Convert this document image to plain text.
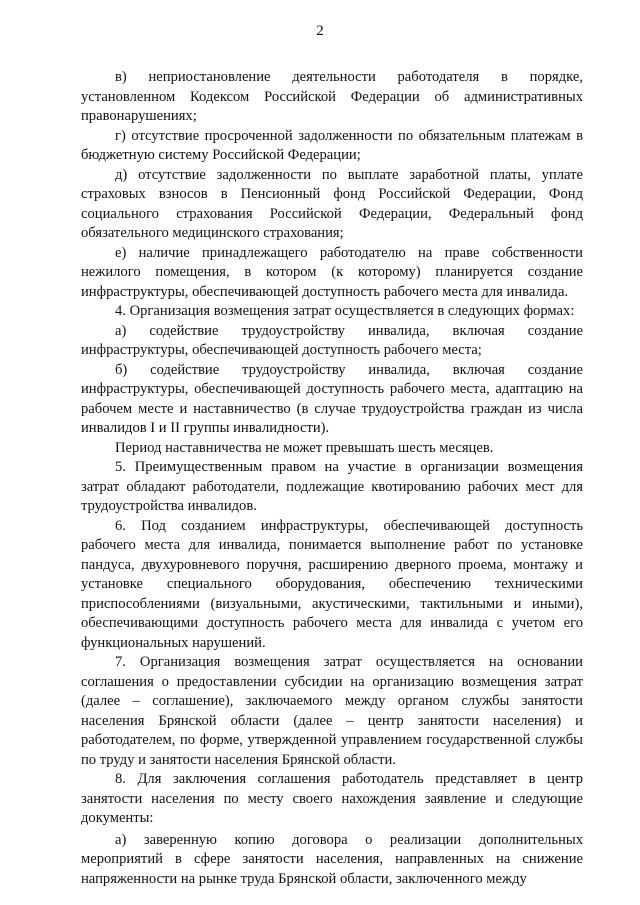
2

в) неприостановление деятельности работодателя в порядке, установленном Кодексом Российской Федерации об административных правонарушениях;

г) отсутствие просроченной задолженности по обязательным платежам в бюджетную систему Российской Федерации;

д) отсутствие задолженности по выплате заработной платы, уплате страховых взносов в Пенсионный фонд Российской Федерации, Фонд социального страхования Российской Федерации, Федеральный фонд обязательного медицинского страхования;

е) наличие принадлежащего работодателю на праве собственности нежилого помещения, в котором (к которому) планируется создание инфраструктуры, обеспечивающей доступность рабочего места для инвалида.

4. Организация возмещения затрат осуществляется в следующих формах:

а) содействие трудоустройству инвалида, включая создание инфраструктуры, обеспечивающей доступность рабочего места;

б) содействие трудоустройству инвалида, включая создание инфраструктуры, обеспечивающей доступность рабочего места, адаптацию на рабочем месте и наставничество (в случае трудоустройства граждан из числа инвалидов I и II группы инвалидности).

Период наставничества не может превышать шесть месяцев.

5. Преимущественным правом на участие в организации возмещения затрат обладают работодатели, подлежащие квотированию рабочих мест для трудоустройства инвалидов.

6. Под созданием инфраструктуры, обеспечивающей доступность рабочего места для инвалида, понимается выполнение работ по установке пандуса, двухуровневого поручня, расширению дверного проема, монтажу и установке специального оборудования, обеспечению техническими приспособлениями (визуальными, акустическими, тактильными и иными), обеспечивающими доступность рабочего места для инвалида с учетом его функциональных нарушений.

7. Организация возмещения затрат осуществляется на основании соглашения о предоставлении субсидии на организацию возмещения затрат (далее – соглашение), заключаемого между органом службы занятости населения Брянской области (далее – центр занятости населения) и работодателем, по форме, утвержденной управлением государственной службы по труду и занятости населения Брянской области.

8. Для заключения соглашения работодатель представляет в центр занятости населения по месту своего нахождения заявление и следующие документы:

а) заверенную копию договора о реализации дополнительных мероприятий в сфере занятости населения, направленных на снижение напряженности на рынке труда Брянской области, заключенного между
